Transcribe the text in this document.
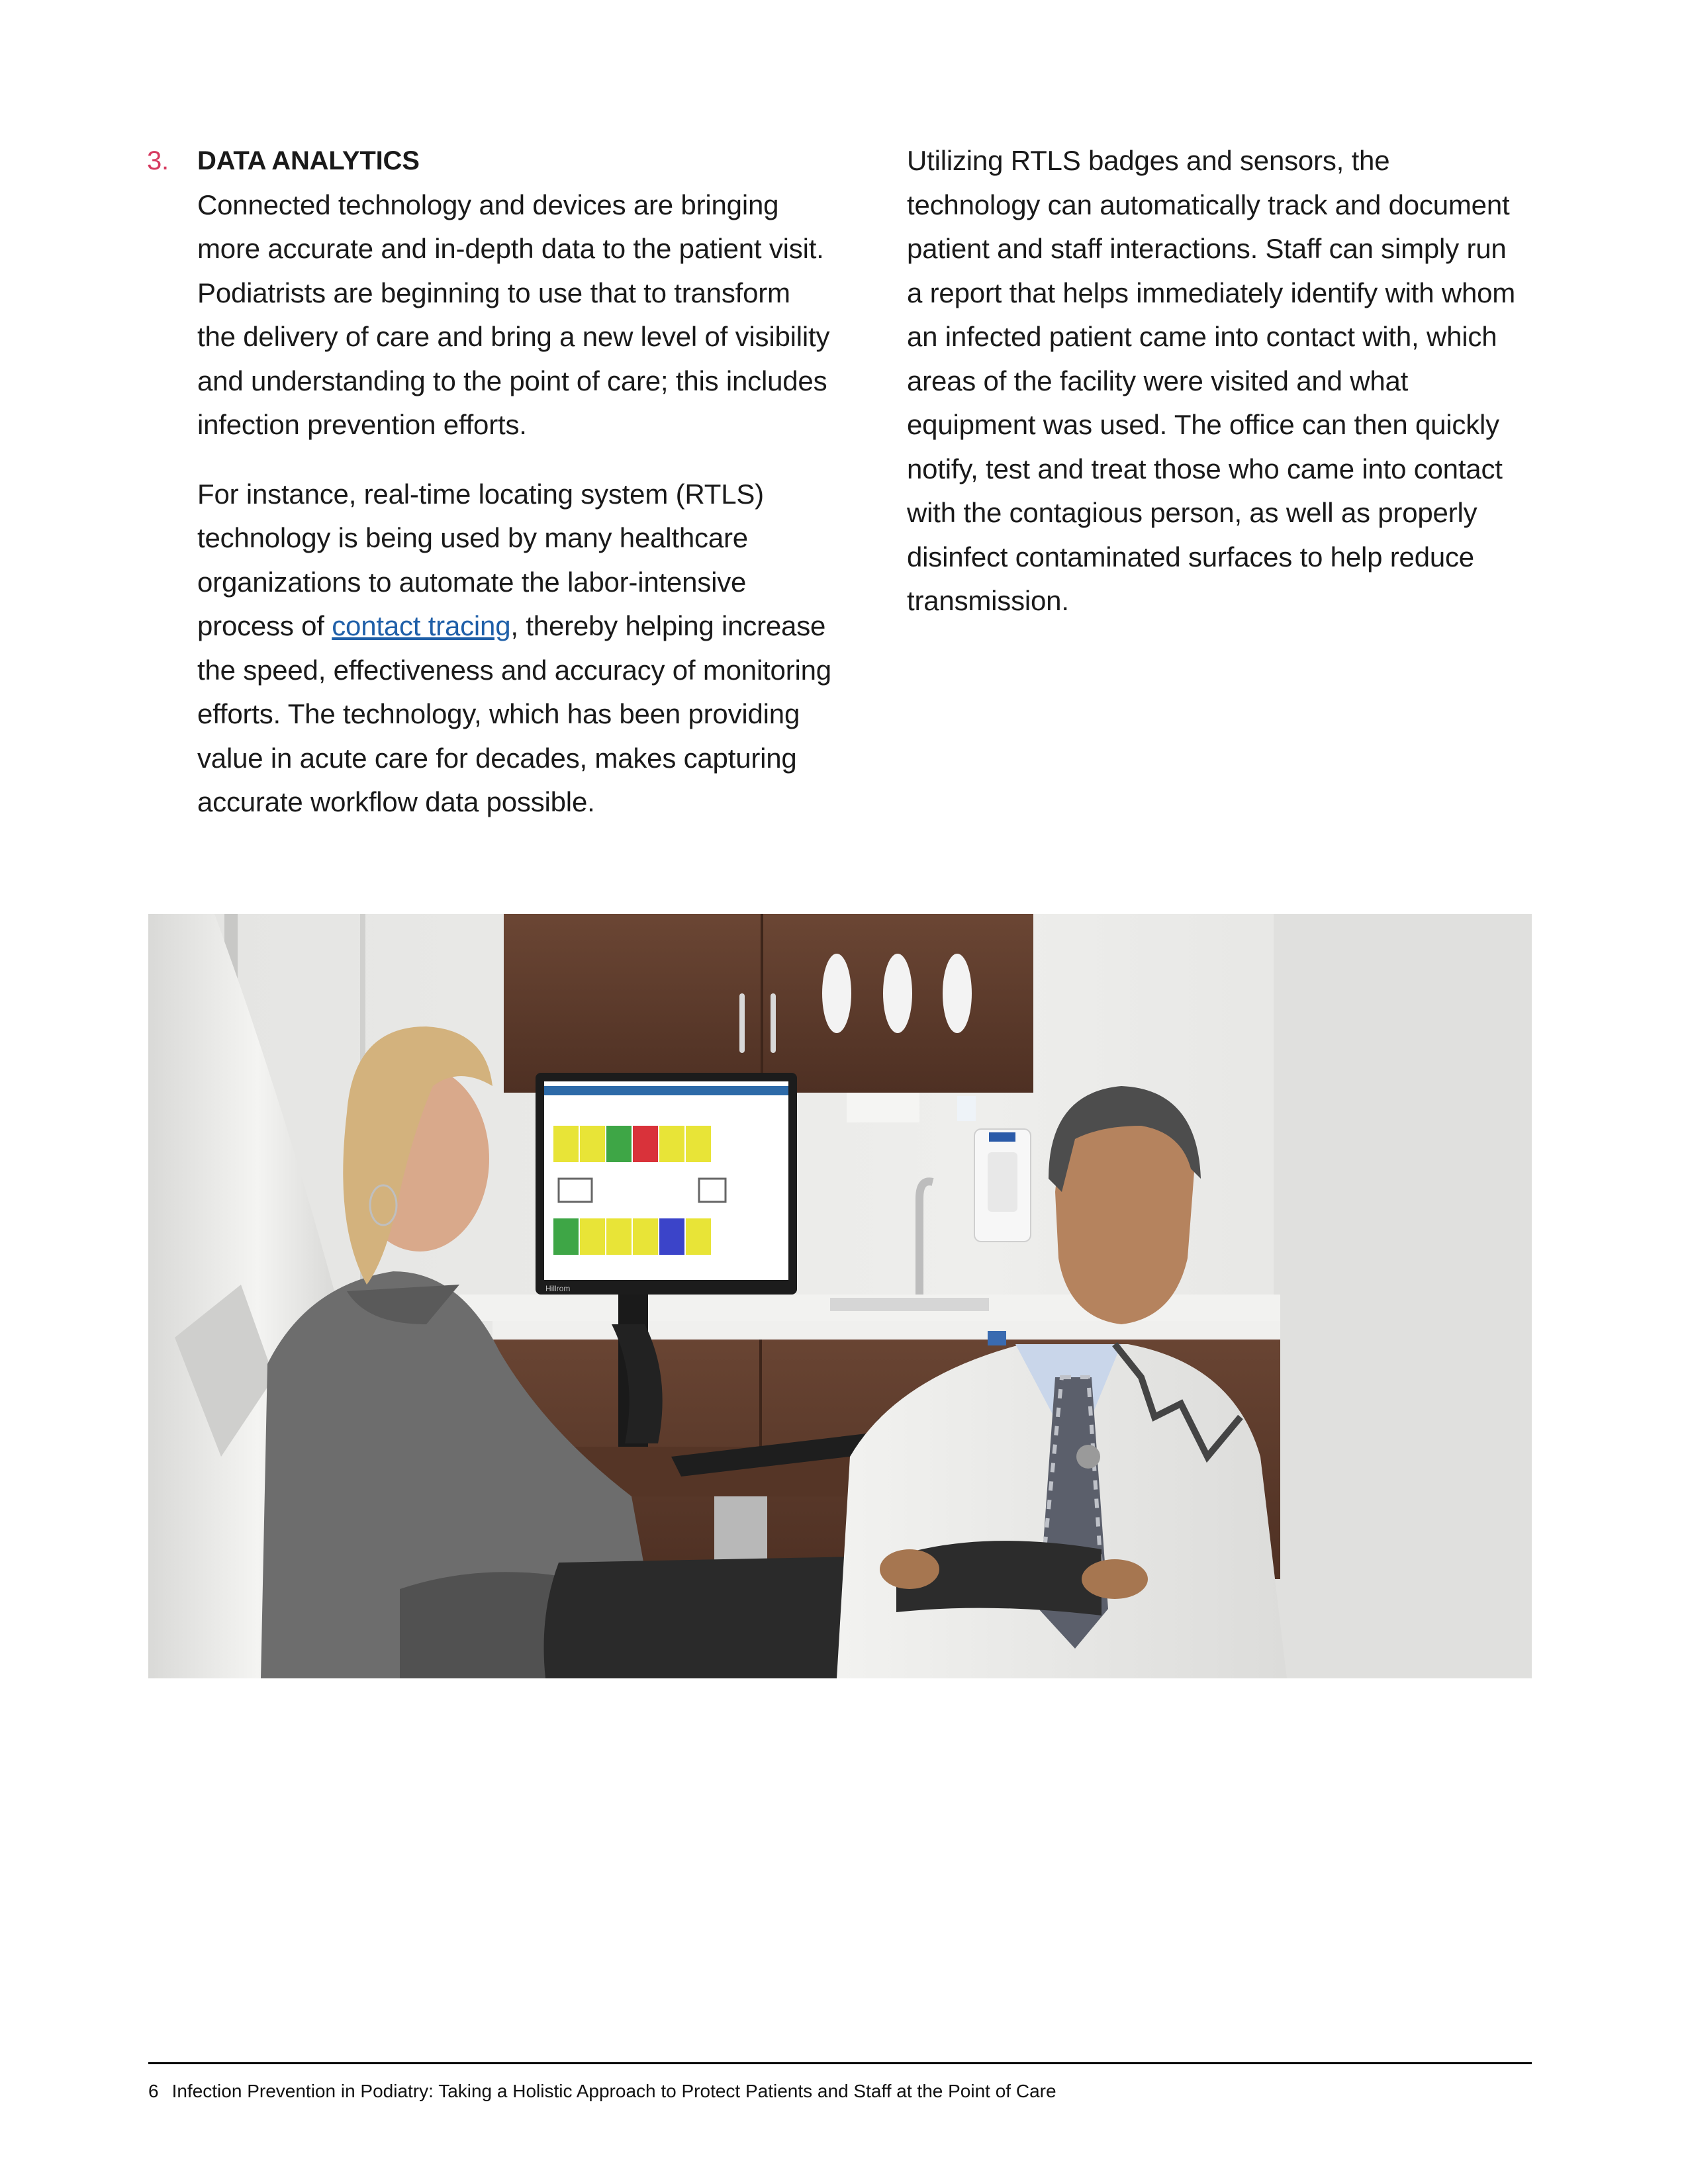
3. DATA ANALYTICS

Connected technology and devices are bringing more accurate and in-depth data to the patient visit. Podiatrists are beginning to use that to transform the delivery of care and bring a new level of visibility and understanding to the point of care; this includes infection prevention efforts.

For instance, real-time locating system (RTLS) technology is being used by many healthcare organizations to automate the labor-intensive process of contact tracing, thereby helping increase the speed, effectiveness and accuracy of monitoring efforts. The technology, which has been providing value in acute care for decades, makes capturing accurate workflow data possible.

Utilizing RTLS badges and sensors, the technology can automatically track and document patient and staff interactions. Staff can simply run a report that helps immediately identify with whom an infected patient came into contact with, which areas of the facility were visited and what equipment was used. The office can then quickly notify, test and treat those who came into contact with the contagious person, as well as properly disinfect contaminated surfaces to help reduce transmission.

Hillrom
6 Infection Prevention in Podiatry: Taking a Holistic Approach to Protect Patients and Staff at the Point of Care
